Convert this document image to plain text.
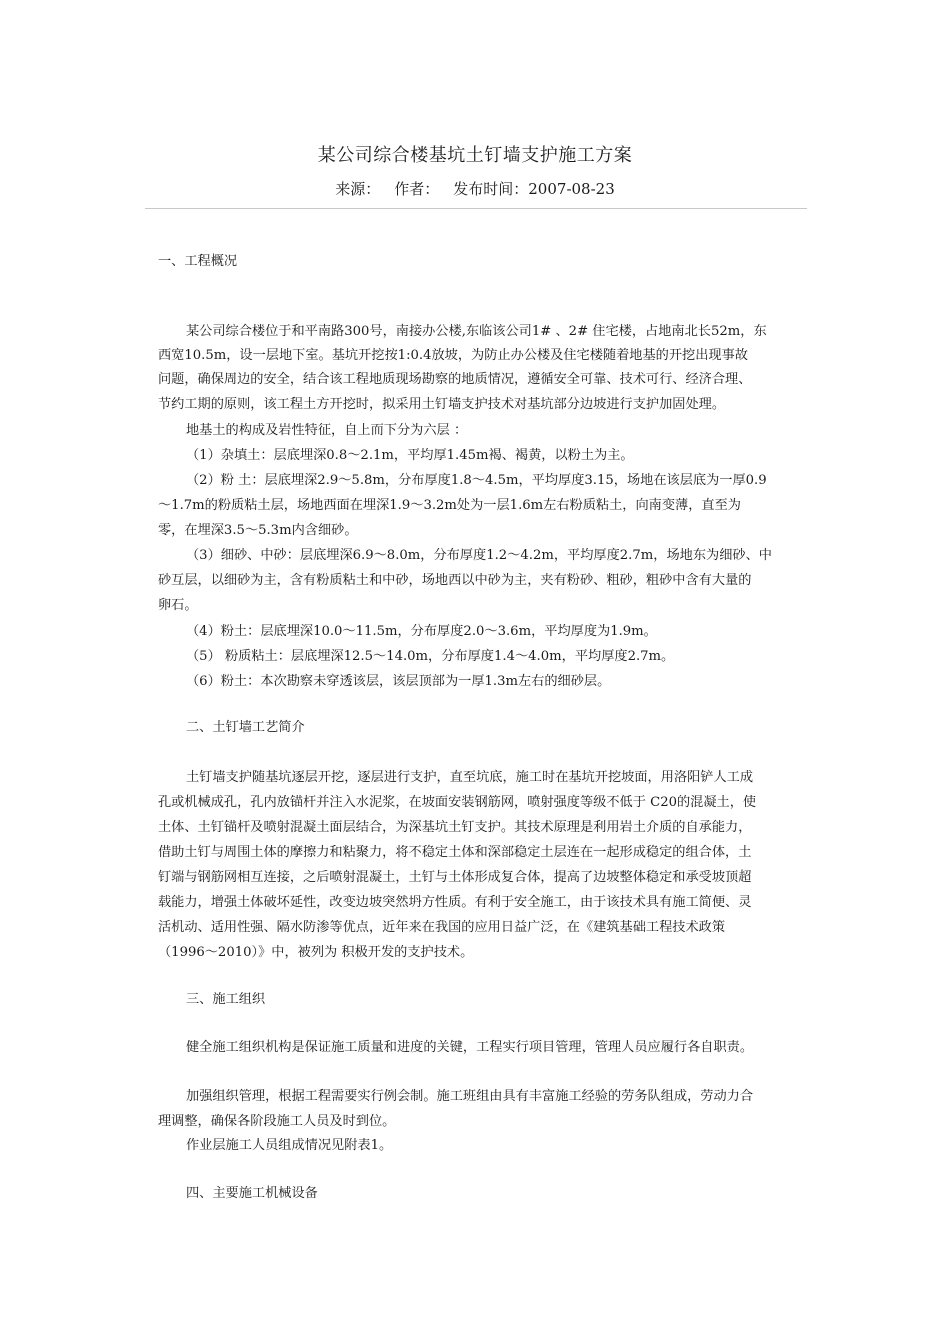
某公司综合楼基坑土钉墙支护施工方案
来源： 作者： 发布时间：2007-08-23
一、工程概况
某公司综合楼位于和平南路300号，南接办公楼,东临该公司1# 、2# 住宅楼，占地南北长52m，东
西宽10.5m，设一层地下室。基坑开挖按1:0.4放坡，为防止办公楼及住宅楼随着地基的开挖出现事故
问题，确保周边的安全，结合该工程地质现场勘察的地质情况，遵循安全可靠、技术可行、经济合理、
节约工期的原则，该工程土方开挖时，拟采用土钉墙支护技术对基坑部分边坡进行支护加固处理。
地基土的构成及岩性特征，自上而下分为六层 ：
（1）杂填土：层底埋深0.8～2.1m，平均厚1.45m褐、褐黄，以粉土为主。
（2）粉 土：层底埋深2.9～5.8m，分布厚度1.8～4.5m，平均厚度3.15，场地在该层底为一厚0.9
～1.7m的粉质粘土层，场地西面在埋深1.9～3.2m处为一层1.6m左右粉质粘土，向南变薄，直至为
零，在埋深3.5～5.3m内含细砂。
（3）细砂、中砂：层底埋深6.9～8.0m，分布厚度1.2～4.2m，平均厚度2.7m，场地东为细砂、中
砂互层，以细砂为主，含有粉质粘土和中砂，场地西以中砂为主，夹有粉砂、粗砂，粗砂中含有大量的
卵石。
（4）粉土：层底埋深10.0～11.5m，分布厚度2.0～3.6m，平均厚度为1.9m。
（5） 粉质粘土：层底埋深12.5～14.0m，分布厚度1.4～4.0m，平均厚度2.7m。
（6）粉土：本次勘察未穿透该层，该层顶部为一厚1.3m左右的细砂层。
二、土钉墙工艺简介
土钉墙支护随基坑逐层开挖，逐层进行支护，直至坑底，施工时在基坑开挖坡面，用洛阳铲人工成
孔或机械成孔，孔内放锚杆并注入水泥浆，在坡面安装钢筋网，喷射强度等级不低于 C20的混凝土，使
土体、土钉锚杆及喷射混凝土面层结合，为深基坑土钉支护。其技术原理是利用岩土介质的自承能力，
借助土钉与周围土体的摩擦力和粘聚力，将不稳定土体和深部稳定土层连在一起形成稳定的组合体，土
钉端与钢筋网相互连接，之后喷射混凝土，土钉与土体形成复合体，提高了边坡整体稳定和承受坡顶超
载能力，增强土体破坏延性，改变边坡突然坍方性质。有利于安全施工，由于该技术具有施工简便、灵
活机动、适用性强、隔水防渗等优点，近年来在我国的应用日益广泛，在《建筑基础工程技术政策
（1996～2010）》中，被列为 积极开发的支护技术。
三、施工组织
健全施工组织机构是保证施工质量和进度的关键，工程实行项目管理，管理人员应履行各自职责。
加强组织管理，根据工程需要实行例会制。施工班组由具有丰富施工经验的劳务队组成，劳动力合
理调整，确保各阶段施工人员及时到位。
作业层施工人员组成情况见附表1。
四、主要施工机械设备
